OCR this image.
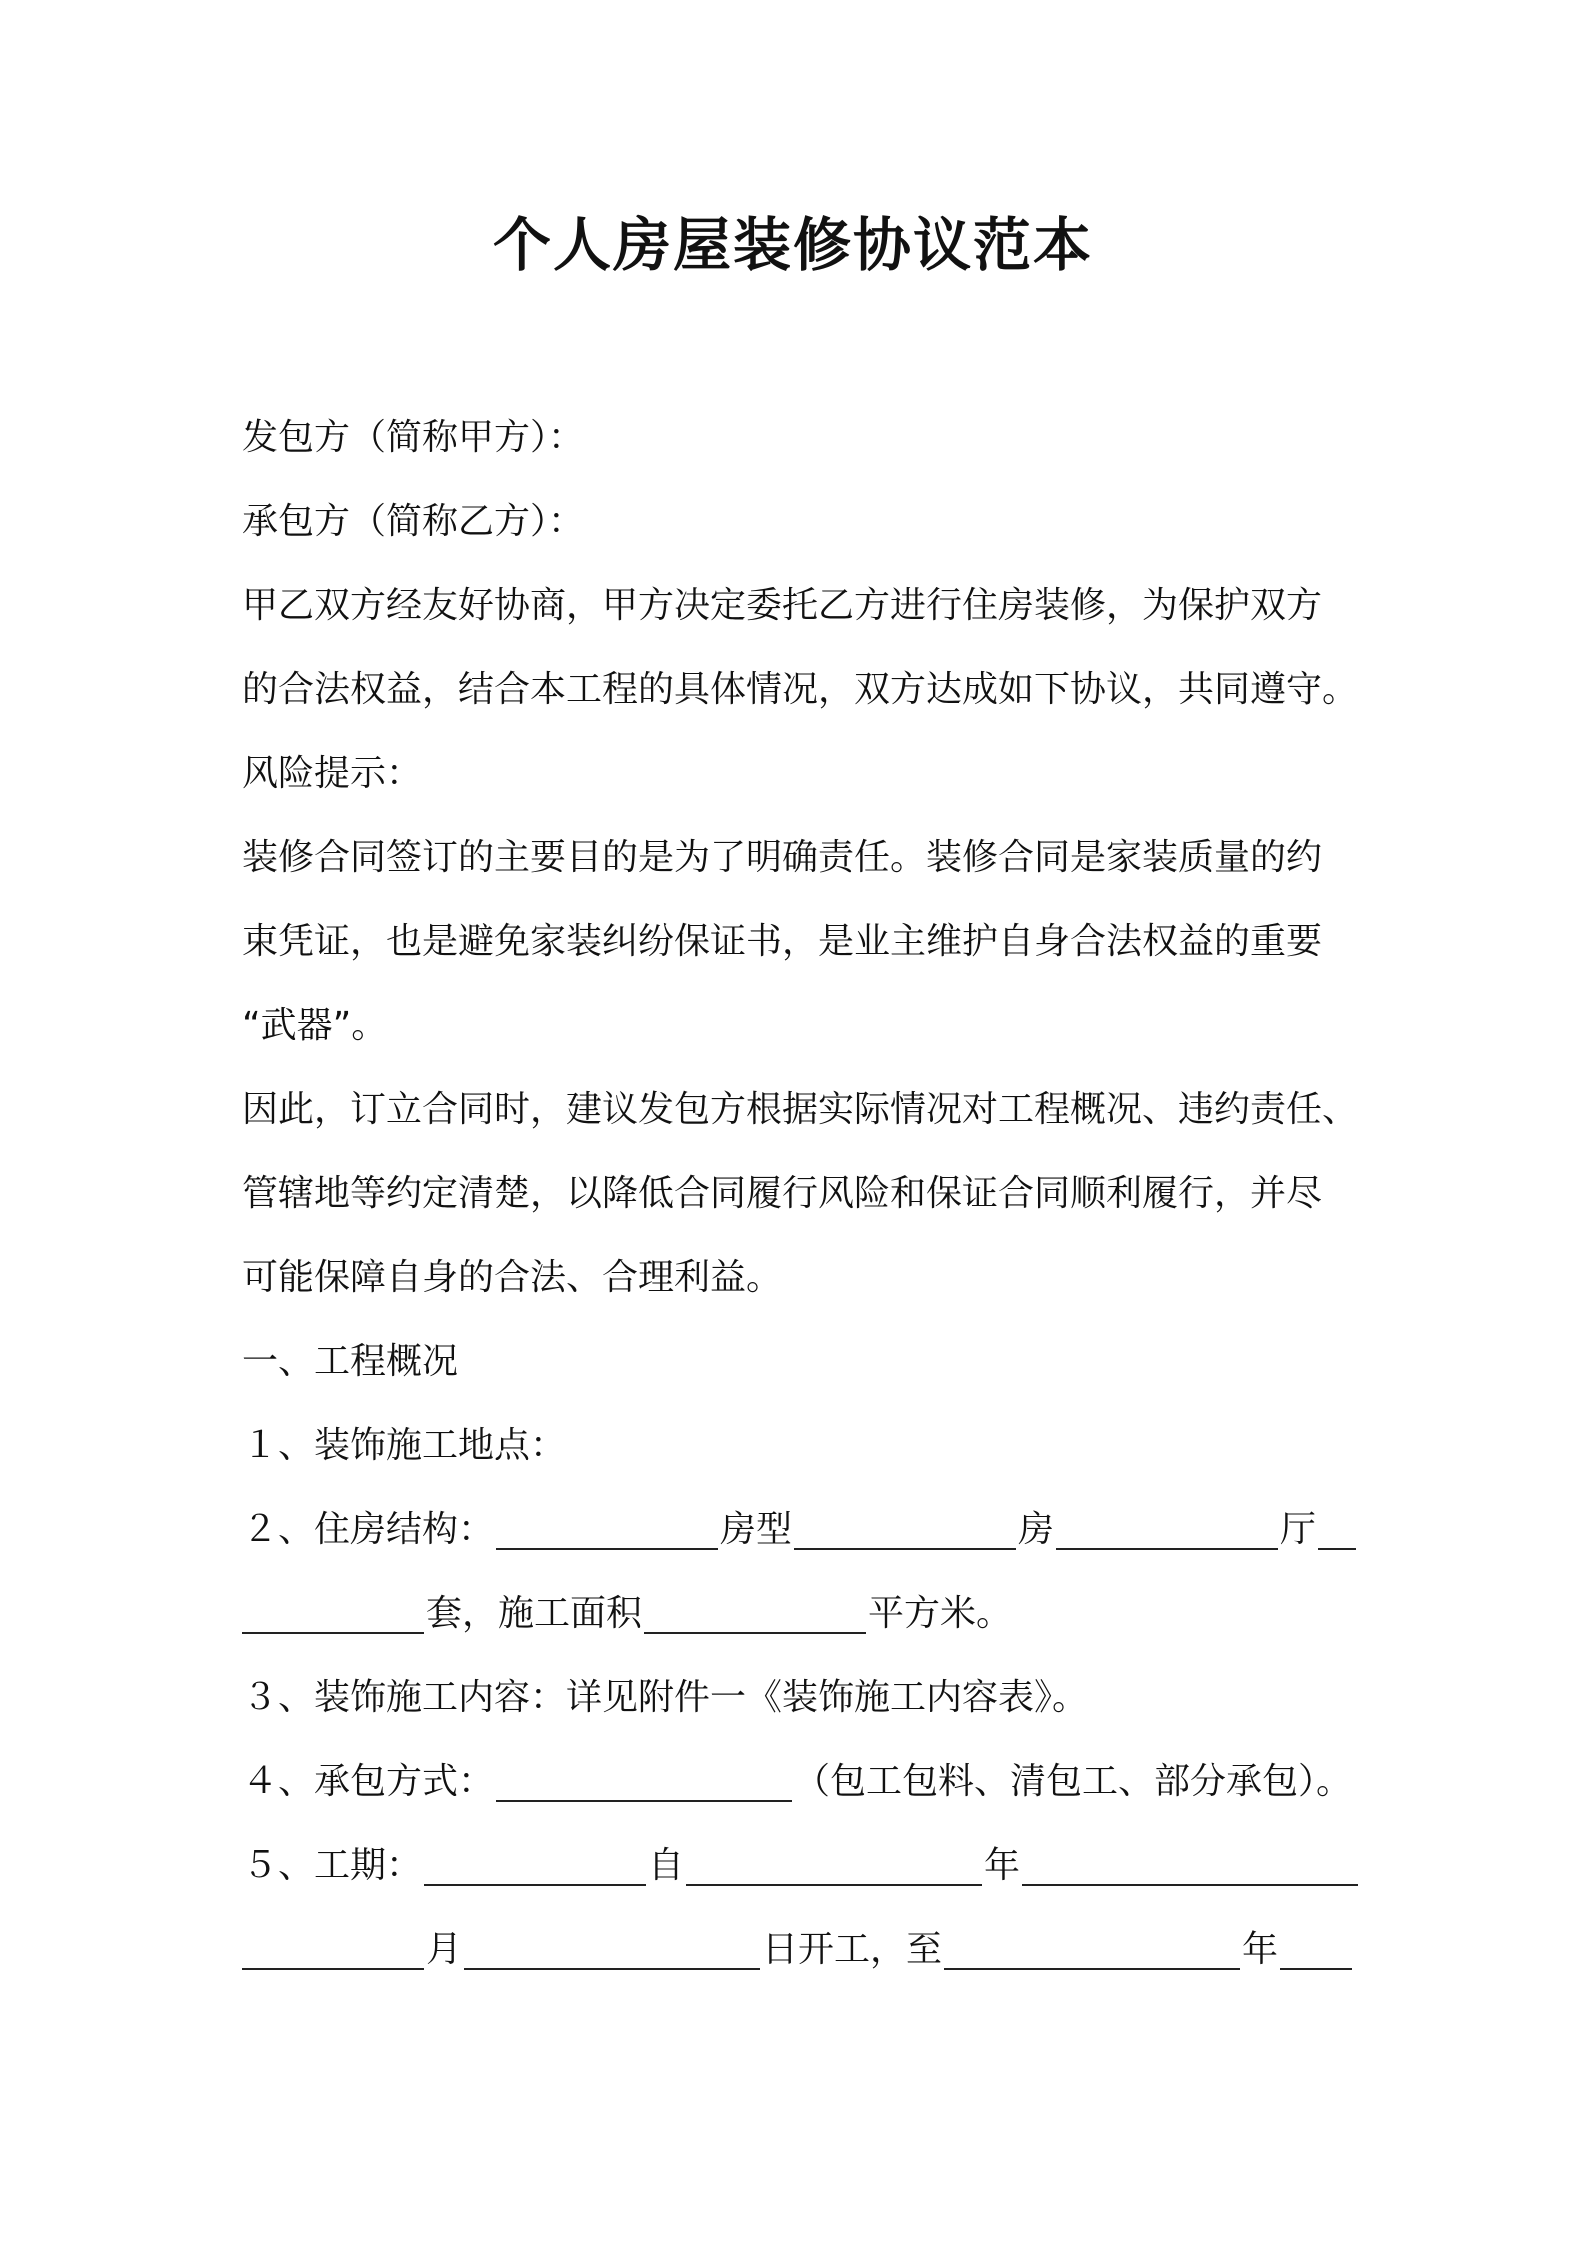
个人房屋装修协议范本
发包方（简称甲方）：
承包方（简称乙方）：
甲乙双方经友好协商，甲方决定委托乙方进行住房装修，为保护双方
的合法权益，结合本工程的具体情况，双方达成如下协议，共同遵守。
风险提示：
装修合同签订的主要目的是为了明确责任。装修合同是家装质量的约
束凭证，也是避免家装纠纷保证书，是业主维护自身合法权益的重要
“武器”。
因此，订立合同时，建议发包方根据实际情况对工程概况、违约责任、
管辖地等约定清楚，以降低合同履行风险和保证合同顺利履行，并尽
可能保障自身的合法、合理利益。
一、工程概况
１、装饰施工地点：
２、住房结构：	房型	房	厅
套，施工面积	平方米。
３、装饰施工内容：详见附件一《装饰施工内容表》。
４、承包方式：	（包工包料、清包工、部分承包）。
５、工期：	自	年
月	日开工，至	年
